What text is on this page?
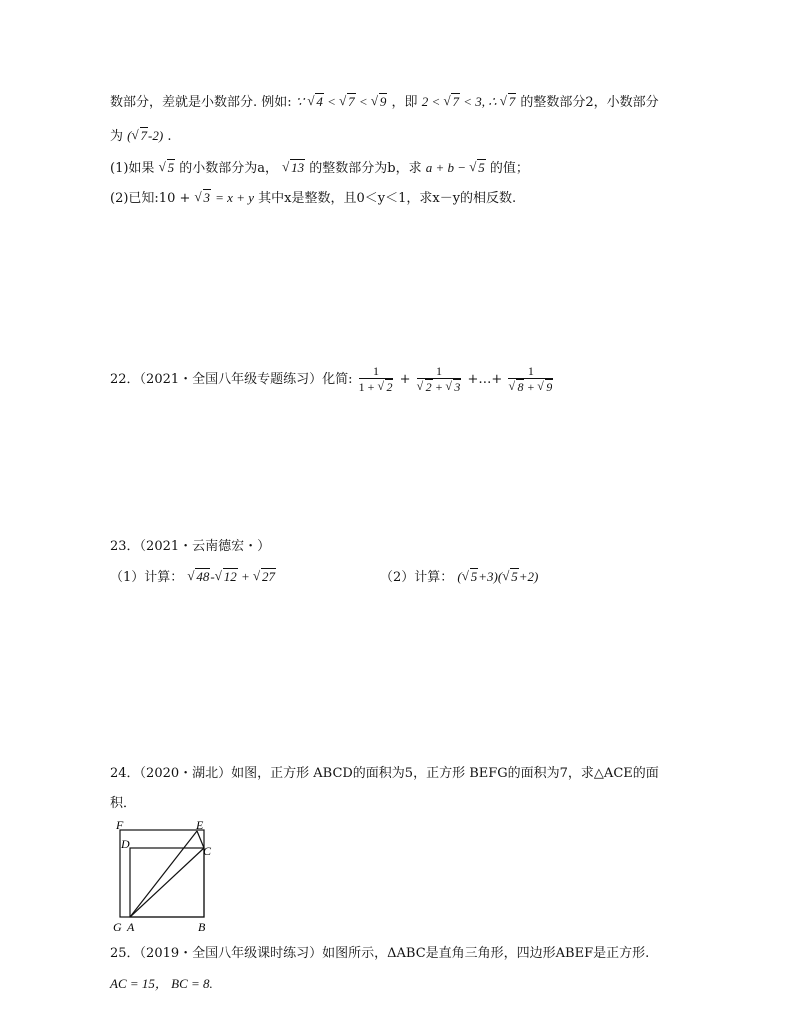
数部分，差就是小数部分. 例如: ∵ √ 4 < √ 7 < √ 9 ，即 2 < √ 7 < 3, ∴ √ 7 的整数部分2，小数部分
为 ( √ 7-2) .
(1)如果 √ 5 的小数部分为a， √ 13 的整数部分为b，求 a + b − √ 5 的值；
(2)已知:10 + √ 3 = x + y 其中x是整数，且0＜y＜1，求x－y的相反数.
22．（2021・全国八年级专题练习）化简: $\frac{1}{1 + √ 2} + 1$
√ 2 + √ 3 +…+ 1
√ 8 + √ 9
23．（2021・云南德宏・）
（1）计算： √ 48- √ 12 + √ 27	（2）计算： ( √ 5+3)( √ 5+2)
24．（2020・湖北）如图，正方形 ABCD的面积为5，正方形 BEFG的面积为7，求△ACE的面
积．
F	E
D	C
G A	B
25．（2019・全国八年级课时练习）如图所示，ΔABC是直角三角形，四边形ABEF是正方形.
AC = 15， BC = 8.
